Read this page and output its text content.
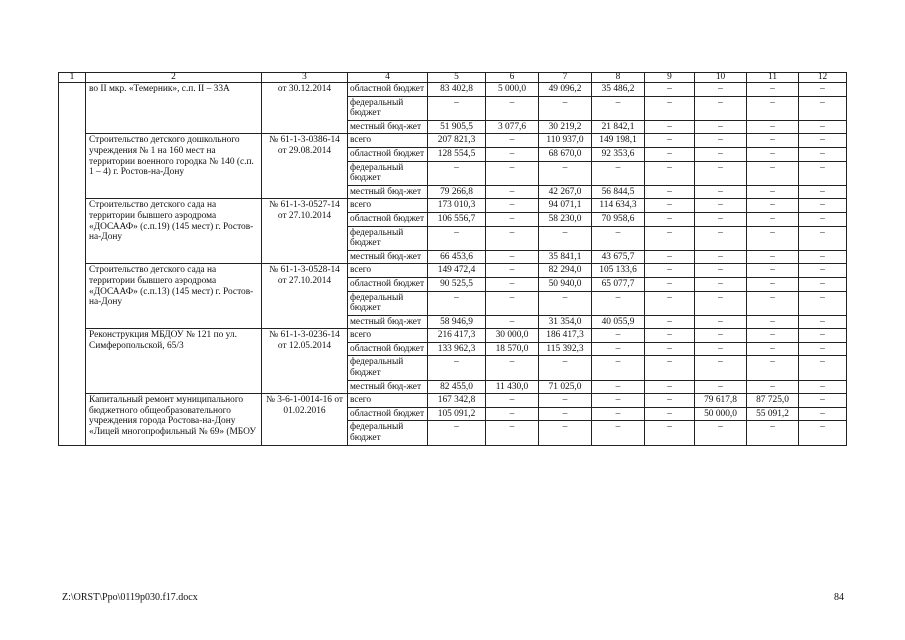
1	2	3	4	5	6	7	8	9	10	11	12
	во II мкр. «Темерник», с.п. II – 33А	от 30.12.2014	областной бюджет	83 402,8	5 000,0	49 096,2	35 486,2	–	–	–	–
			федеральный бюджет	–	–	–	–	–	–	–	–
			местный бюд-жет	51 905,5	3 077,6	30 219,2	21 842,1	–	–	–	–
	Строительство детского дошкольного учреждения № 1 на 160 мест на территории военного городка № 140 (с.п. 1 – 4) г. Ростов-на-Дону	№ 61-1-3-0386-14 от 29.08.2014	всего	207 821,3	–	110 937,0	149 198,1	–	–	–	–
			областной бюджет	128 554,5	–	68 670,0	92 353,6	–	–	–	–
			федеральный бюджет	–	–	–	–	–	–	–	–
			местный бюд-жет	79 266,8	–	42 267,0	56 844,5	–	–	–	–
	Строительство детского сада на территории бывшего аэродрома «ДОСААФ» (с.п.19) (145 мест) г. Ростов-на-Дону	№ 61-1-3-0527-14 от 27.10.2014	всего	173 010,3	–	94 071,1	114 634,3	–	–	–	–
			областной бюджет	106 556,7	–	58 230,0	70 958,6	–	–	–	–
			федеральный бюджет	–	–	–	–	–	–	–	–
			местный бюд-жет	66 453,6	–	35 841,1	43 675,7	–	–	–	–
	Строительство детского сада на территории бывшего аэродрома «ДОСААФ» (с.п.13) (145 мест) г. Ростов-на-Дону	№ 61-1-3-0528-14 от 27.10.2014	всего	149 472,4	–	82 294,0	105 133,6	–	–	–	–
			областной бюджет	90 525,5	–	50 940,0	65 077,7	–	–	–	–
			федеральный бюджет	–	–	–	–	–	–	–	–
			местный бюд-жет	58 946,9	–	31 354,0	40 055,9	–	–	–	–
	Реконструкция МБДОУ № 121 по ул. Симферопольской, 65/3	№ 61-1-3-0236-14 от 12.05.2014	всего	216 417,3	30 000,0	186 417,3	–	–	–	–	–
			областной бюджет	133 962,3	18 570,0	115 392,3	–	–	–	–	–
			федеральный бюджет	–	–	–	–	–	–	–	–
			местный бюд-жет	82 455,0	11 430,0	71 025,0	–	–	–	–	–
	Капитальный ремонт муниципального бюджетного общеобразовательного учреждения города Ростова-на-Дону «Лицей многопрофильный № 69» (МБОУ	№ 3-6-1-0014-16 от 01.02.2016	всего	167 342,8	–	–	–	–	79 617,8	87 725,0	–
			областной бюджет	105 091,2	–	–	–	–	50 000,0	55 091,2	–
			федеральный бюджет	–	–	–	–	–	–	–	–
Z:\ORST\Ppo\0119p030.f17.docx	84
